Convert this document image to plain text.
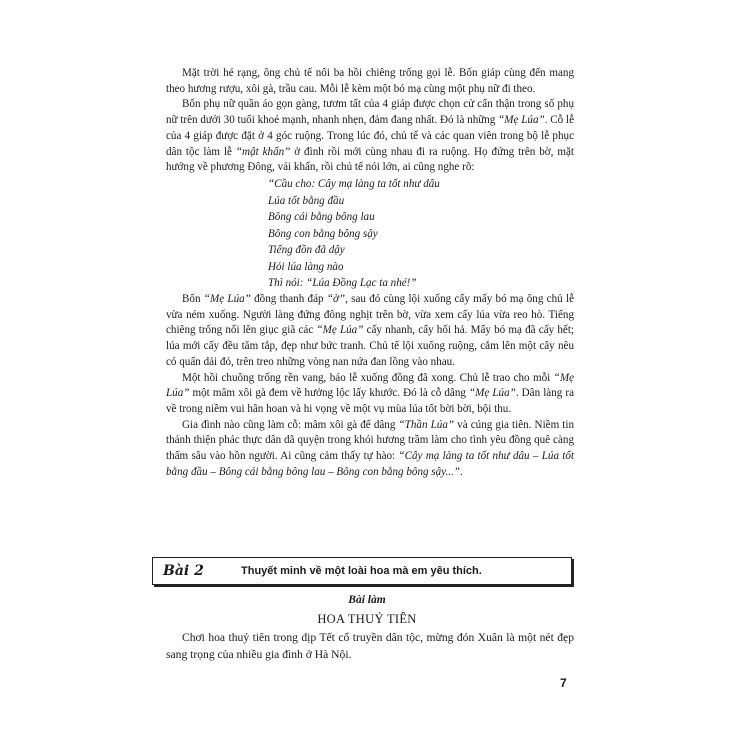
Mặt trời hé rạng, ông chủ tế nổi ba hồi chiêng trống gọi lễ. Bốn giáp cùng đến mang theo hương rượu, xôi gà, trầu cau. Mỗi lễ kèm một bó mạ cùng một phụ nữ đi theo.

Bốn phụ nữ quần áo gọn gàng, tươm tất của 4 giáp được chọn cử cẩn thận trong số phụ nữ trên dưới 30 tuổi khoẻ mạnh, nhanh nhẹn, đảm đang nhất. Đó là những “Mẹ Lúa”. Cỗ lễ của 4 giáp được đặt ở 4 góc ruộng. Trong lúc đó, chủ tế và các quan viên trong bộ lễ phục dân tộc làm lễ “mật khấn” ở đình rồi mới cùng nhau đi ra ruộng. Họ đứng trên bờ, mặt hướng về phương Đông, vái khấn, rồi chủ tế nói lớn, ai cũng nghe rõ:

“Cầu cho: Cây mạ làng ta tốt như dâu
Lúa tốt bằng đầu
Bông cái bằng bông lau
Bông con bằng bông sậy
Tiếng đồn đã dậy
Hỏi lúa làng nào
Thì nói: “Lúa Đồng Lạc ta nhé!”

Bốn “Mẹ Lúa” đồng thanh đáp “ờ”, sau đó cùng lội xuống cấy mấy bó mạ ông chủ lễ vừa ném xuống. Người làng đứng đông nghịt trên bờ, vừa xem cấy lúa vừa reo hò. Tiếng chiêng trống nổi lên giục giã các “Mẹ Lúa” cấy nhanh, cấy hối hả. Mấy bó mạ đã cấy hết; lúa mới cấy đều tăm tắp, đẹp như bức tranh. Chủ tế lội xuống ruộng, cắm lên một cây nêu có quấn dải đỏ, trên treo những vòng nan nứa đan lồng vào nhau.

Một hồi chuông trống rền vang, báo lễ xuống đồng đã xong. Chủ lễ trao cho mỗi “Mẹ Lúa” một mâm xôi gà đem về hưởng lộc lấy khước. Đó là cỗ dâng “Mẹ Lúa”. Dân làng ra về trong niềm vui hân hoan và hi vọng về một vụ mùa lúa tốt bời bời, bội thu.

Gia đình nào cũng làm cỗ: mâm xôi gà để dâng “Thần Lúa” và cúng gia tiên. Niềm tin thánh thiện phác thực dân dã quyện trong khói hương trầm làm cho tình yêu đồng quê càng thấm sâu vào hồn người. Ai cũng cảm thấy tự hào: “Cây mạ làng ta tốt như dâu – Lúa tốt bằng đầu – Bông cái bằng bông lau – Bông con bằng bông sậy...”.

Bài 2	Thuyết minh về một loài hoa mà em yêu thích.
Bài làm
HOA THUỶ TIÊN

Chơi hoa thuỷ tiên trong dịp Tết cổ truyền dân tộc, mừng đón Xuân là một nét đẹp sang trọng của nhiều gia đình ở Hà Nội.

7
